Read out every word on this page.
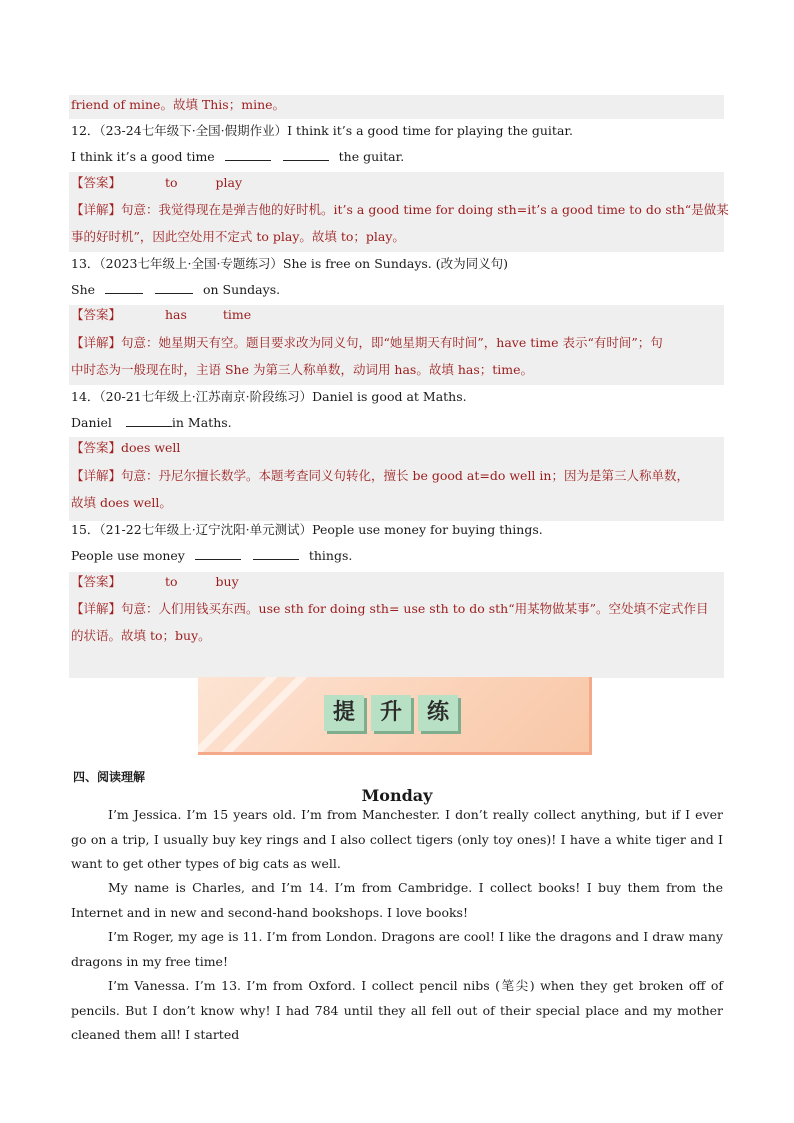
friend of mine。故填 This；mine。
12．（23-24七年级下·全国·假期作业）I think it’s a good time for playing the guitar.
I think it’s a good time	the guitar.
【答案】	to	play
【详解】句意：我觉得现在是弹吉他的好时机。it’s a good time for doing sth=it’s a good time to do sth“是做某
事的好时机”，因此空处用不定式 to play。故填 to；play。
13．（2023七年级上·全国·专题练习）She is free on Sundays. (改为同义句)
She	on Sundays.
【答案】	has	time
【详解】句意：她星期天有空。题目要求改为同义句，即“她星期天有时间”，have time 表示“有时间”；句
中时态为一般现在时，主语 She 为第三人称单数，动词用 has。故填 has；time。
14．（20-21七年级上·江苏南京·阶段练习）Daniel is good at Maths.
Daniel	in Maths.
【答案】does well
【详解】句意：丹尼尔擅长数学。本题考查同义句转化，擅长 be good at=do well in；因为是第三人称单数，
故填 does well。
15．（21-22七年级上·辽宁沈阳·单元测试）People use money for buying things.
People use money	things.
【答案】	to	buy
【详解】句意：人们用钱买东西。use sth for doing sth= use sth to do sth“用某物做某事”。空处填不定式作目
的状语。故填 to；buy。
提	升	练
四、阅读理解
Monday
I’m Jessica. I’m 15 years old. I’m from Manchester. I don’t really collect anything, but if I ever go on a trip, I usually buy key rings and I also collect tigers (only toy ones)! I have a white tiger and I want to get other types of big cats as well.
My name is Charles, and I’m 14. I’m from Cambridge. I collect books! I buy them from the Internet and in new and second-hand bookshops. I love books!
I’m Roger, my age is 11. I’m from London. Dragons are cool! I like the dragons and I draw many dragons in my free time!
I’m Vanessa. I’m 13. I’m from Oxford. I collect pencil nibs (笔尖) when they get broken off of pencils. But I don’t know why! I had 784 until they all fell out of their special place and my mother cleaned them all! I started
